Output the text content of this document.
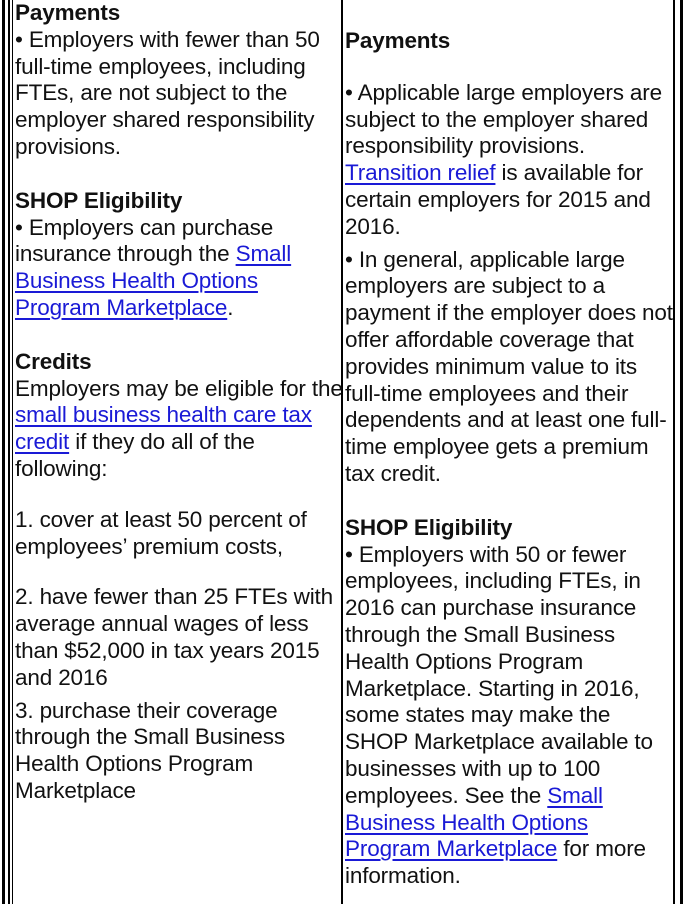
Payments
• Employers with fewer than 50 full-time employees, including FTEs, are not subject to the employer shared responsibility provisions.
SHOP Eligibility
• Employers can purchase insurance through the Small Business Health Options Program Marketplace.
Credits
Employers may be eligible for the small business health care tax credit if they do all of the following:
1. cover at least 50 percent of employees’ premium costs,
2. have fewer than 25 FTEs with average annual wages of less than $52,000 in tax years 2015 and 2016
3. purchase their coverage through the Small Business Health Options Program Marketplace
Payments
• Applicable large employers are subject to the employer shared responsibility provisions. Transition relief is available for certain employers for 2015 and 2016.
• In general, applicable large employers are subject to a payment if the employer does not offer affordable coverage that provides minimum value to its full-time employees and their dependents and at least one full-time employee gets a premium tax credit.
SHOP Eligibility
• Employers with 50 or fewer employees, including FTEs, in 2016 can purchase insurance through the Small Business Health Options Program Marketplace. Starting in 2016, some states may make the SHOP Marketplace available to businesses with up to 100 employees. See the Small Business Health Options Program Marketplace for more information.
